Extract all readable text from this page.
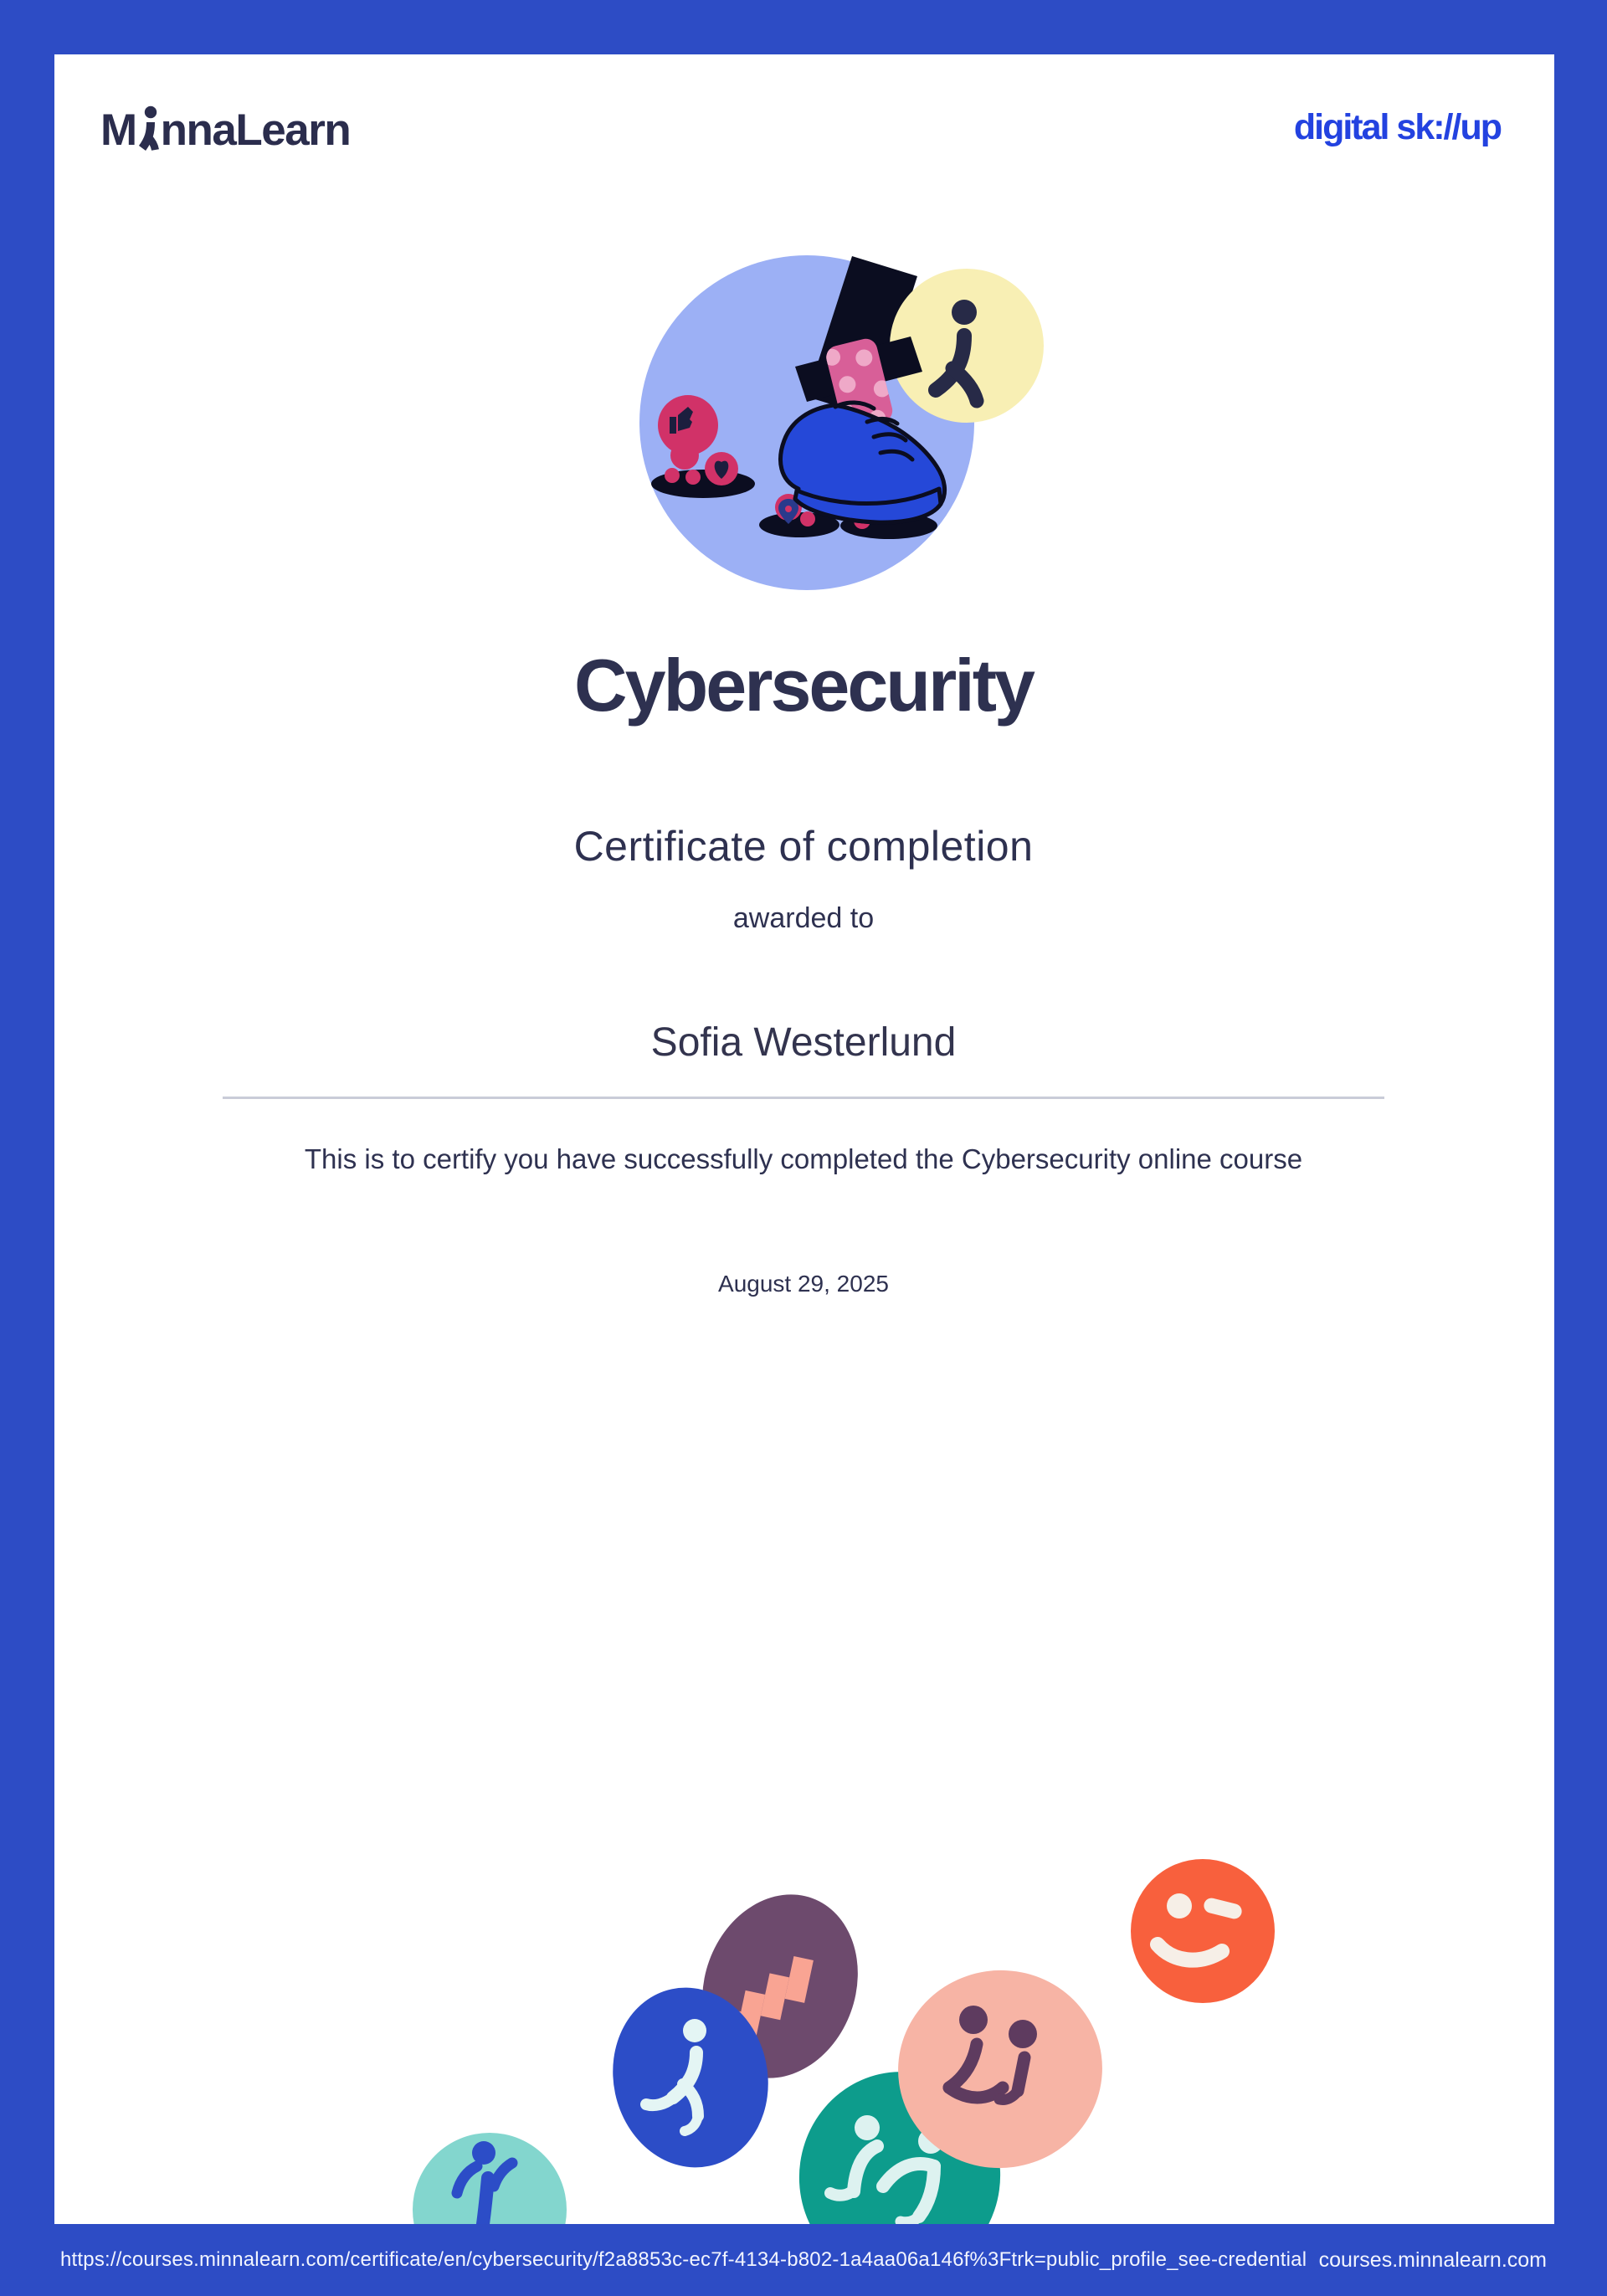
M nnaLearn	digital sk://up
Cybersecurity
Certificate of completion
awarded to
Sofia Westerlund
This is to certify you have successfully completed the Cybersecurity online course
August 29, 2025
https://courses.minnalearn.com/certificate/en/cybersecurity/f2a8853c-ec7f-4134-b802-1a4aa06a146f%3Ftrk=public_profile_see-credential courses.minnalearn.com
